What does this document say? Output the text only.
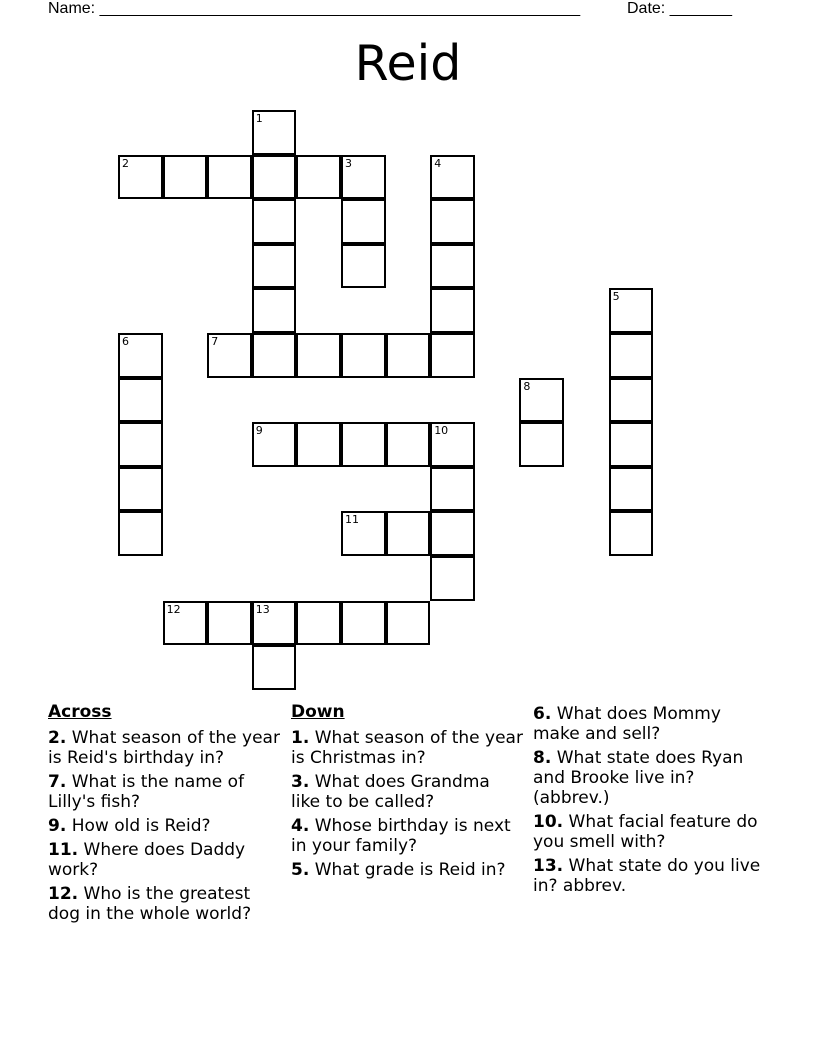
Name: ______________________________________________________	Date: _______
Reid
1
2	3	4
5
6	7
8
9	10
11
12	13
Across
2. What season of the year is Reid's birthday in?
7. What is the name of Lilly's fish?
9. How old is Reid?
11. Where does Daddy work?
12. Who is the greatest dog in the whole world?
Down
1. What season of the year is Christmas in?
3. What does Grandma like to be called?
4. Whose birthday is next in your family?
5. What grade is Reid in?
6. What does Mommy make and sell?
8. What state does Ryan and Brooke live in? (abbrev.)
10. What facial feature do you smell with?
13. What state do you live in? abbrev.
